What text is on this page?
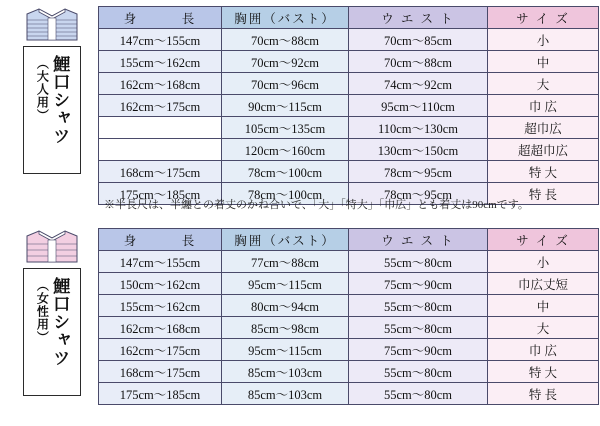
鯉口シャツ
（大人用）
身　　　長	胸囲（バスト）	ウ エ ス ト	サ イ ズ
147cm～155cm	70cm～88cm	70cm～85cm	小
155cm～162cm	70cm～92cm	70cm～88cm	中
162cm～168cm	70cm～96cm	74cm～92cm	大
162cm～175cm	90cm～115cm	95cm～110cm	巾 広
	105cm～135cm	110cm～130cm	超巾広
	120cm～160cm	130cm～150cm	超超巾広
168cm～175cm	78cm～100cm	78cm～95cm	特 大
175cm～185cm	78cm～100cm	78cm～95cm	特 長
※半長尺は、半纏との着丈のかね合いで、「大」「特大」「巾広」とも着丈は90cmです。
鯉口シャツ
（女性用）
身　　　長	胸囲（バスト）	ウ エ ス ト	サ イ ズ
147cm～155cm	77cm～88cm	55cm～80cm	小
150cm～162cm	95cm～115cm	75cm～90cm	巾広丈短
155cm～162cm	80cm～94cm	55cm～80cm	中
162cm～168cm	85cm～98cm	55cm～80cm	大
162cm～175cm	95cm～115cm	75cm～90cm	巾 広
168cm～175cm	85cm～103cm	55cm～80cm	特 大
175cm～185cm	85cm～103cm	55cm～80cm	特 長
